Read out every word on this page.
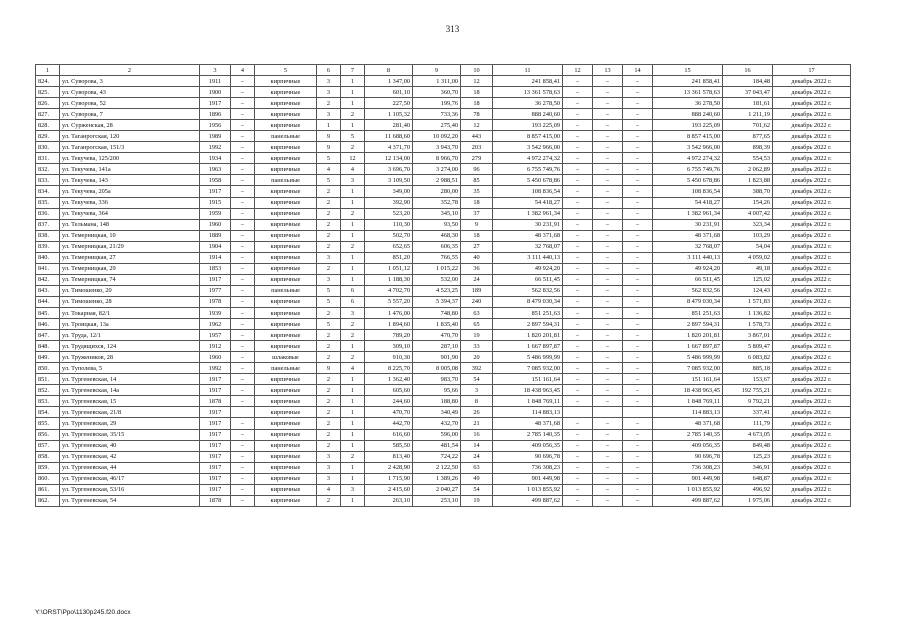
313
1	2	3	4	5	6	7	8	9	10	11	12	13	14	15	16	17
824.	ул. Суворова, 3	1911	–	кирпичные	3	1	1 347,00	1 311,00	12	241 858,41	–	–	–	241 858,41	184,48	декабрь 2022 г.
825.	ул. Суворова, 43	1900	–	кирпичные	3	1	601,10	360,70	18	13 361 578,63	–	–	–	13 361 578,63	37 043,47	декабрь 2022 г.
826.	ул. Суворова, 52	1917	–	кирпичные	2	1	227,50	199,76	18	36 278,50	–	–	–	36 278,50	181,61	декабрь 2022 г.
827.	ул. Суворова, 7	1896	–	кирпичные	3	2	1 105,32	733,36	78	888 240,60	–	–	–	888 240,60	1 211,19	декабрь 2022 г.
828.	ул. Сурженская, 28	1956	–	кирпичные	1	1	281,40	275,40	12	193 225,09	–	–	–	193 225,09	701,62	декабрь 2022 г.
829.	ул. Таганрогская, 120	1989	–	панельные	9	5	11 688,60	10 092,20	443	8 857 415,00	–	–	–	8 857 415,00	877,65	декабрь 2022 г.
830.	ул. Таганрогская, 151/3	1992	–	кирпичные	9	2	4 371,70	3 943,70	203	3 542 966,00	–	–	–	3 542 966,00	898,39	декабрь 2022 г.
831.	ул. Текучева, 125/200	1934	–	кирпичные	5	12	12 134,00	8 966,70	279	4 972 274,32	–	–	–	4 972 274,32	554,53	декабрь 2022 г.
832.	ул. Текучева, 141а	1963	–	кирпичные	4	4	3 696,70	3 274,00	96	6 755 749,76	–	–	–	6 755 749,76	2 062,89	декабрь 2022 г.
833.	ул. Текучева, 143	1958	–	панельные	5	3	3 109,50	2 988,51	85	5 450 678,86	–	–	–	5 450 678,86	1 823,88	декабрь 2022 г.
834.	ул. Текучева, 205а	1917	–	кирпичные	2	1	349,00	280,00	35	108 836,54	–	–	–	108 836,54	388,70	декабрь 2022 г.
835.	ул. Текучева, 336	1915	–	кирпичные	2	1	392,90	352,78	18	54 418,27	–	–	–	54 418,27	154,26	декабрь 2022 г.
836.	ул. Текучева, 364	1959	–	кирпичные	2	2	523,20	345,10	37	1 382 961,34	–	–	–	1 382 961,34	4 007,42	декабрь 2022 г.
837.	ул. Тельмана, 148	1960	–	кирпичные	2	1	110,30	93,50	9	30 231,91	–	–	–	30 231,91	323,34	декабрь 2022 г.
838.	ул. Темерницкая, 10	1889	–	кирпичные	2	1	502,70	468,30	18	48 371,68	–	–	–	48 371,68	103,29	декабрь 2022 г.
839.	ул. Темерницкая, 21/29	1904	–	кирпичные	2	2	652,65	606,35	27	32 768,07	–	–	–	32 768,07	54,04	декабрь 2022 г.
840.	ул. Темерницкая, 27	1914	–	кирпичные	3	1	851,20	766,55	40	3 111 440,13	–	–	–	3 111 440,13	4 059,02	декабрь 2022 г.
841.	ул. Темерницкая, 29	1853	–	кирпичные	2	1	1 051,12	1 015,22	36	49 924,20	–	–	–	49 924,20	49,18	декабрь 2022 г.
842.	ул. Темерницкая, 74	1917	–	кирпичные	3	1	1 188,30	532,00	24	66 511,45	–	–	–	66 511,45	125,02	декабрь 2022 г.
843.	ул. Тимошенко, 20	1977	–	панельные	5	6	4 702,70	4 523,25	189	562 832,56	–	–	–	562 832,56	124,43	декабрь 2022 г.
844.	ул. Тимошенко, 28	1978	–	кирпичные	5	6	5 557,20	5 394,37	240	8 479 030,34	–	–	–	8 479 030,34	1 571,83	декабрь 2022 г.
845.	ул. Токарная, 82/1	1939	–	кирпичные	2	3	1 476,00	748,80	63	851 251,63	–	–	–	851 251,63	1 136,82	декабрь 2022 г.
846.	ул. Троицкая, 13а	1962	–	кирпичные	5	2	1 894,60	1 835,40	65	2 897 594,31	–	–	–	2 897 594,31	1 578,73	декабрь 2022 г.
847.	ул. Труда, 12/1	1957	–	кирпичные	2	2	789,20	470,70	19	1 820 201,81	–	–	–	1 820 201,81	3 867,01	декабрь 2022 г.
848.	ул. Трудящихся, 124	1912	–	кирпичные	2	1	309,10	287,10	33	1 667 897,87	–	–	–	1 667 897,87	5 809,47	декабрь 2022 г.
849.	ул. Тружеников, 28	1960	–	шлаковые	2	2	910,30	901,90	20	5 486 999,99	–	–	–	5 486 999,99	6 083,82	декабрь 2022 г.
850.	ул. Туполева, 5	1992	–	панельные	9	4	8 225,70	8 005,08	392	7 085 932,00	–	–	–	7 085 932,00	885,18	декабрь 2022 г.
851.	ул. Тургеневская, 14	1917	–	кирпичные	2	1	1 362,40	983,70	54	151 161,64	–	–	–	151 161,64	153,67	декабрь 2022 г.
852.	ул. Тургеневская, 14а	1917	–	кирпичные	2	1	605,60	95,66	3	18 438 963,45	–	–	–	18 438 963,45	192 755,21	декабрь 2022 г.
853.	ул. Тургеневская, 15	1878	–	кирпичные	2	1	244,60	188,80	8	1 848 769,11	–	–	–	1 848 769,11	9 792,21	декабрь 2022 г.
854.	ул. Тургеневская, 21/8	1917		кирпичные	2	1	470,70	340,49	26	114 883,13				114 883,13	337,41	декабрь 2022 г.
855.	ул. Тургеневская, 29	1917	–	кирпичные	2	1	442,70	432,70	21	48 371,68	–	–	–	48 371,68	111,79	декабрь 2022 г.
856.	ул. Тургеневская, 35/15	1917	–	кирпичные	2	1	616,60	596,00	16	2 785 140,35	–	–	–	2 785 140,35	4 673,05	декабрь 2022 г.
857.	ул. Тургеневская, 40	1917	–	кирпичные	2	1	585,50	481,54	14	409 056,35	–	–	–	409 056,35	849,48	декабрь 2022 г.
858.	ул. Тургеневская, 42	1917	–	кирпичные	3	2	813,40	724,22	24	90 696,78	–	–	–	90 696,78	125,23	декабрь 2022 г.
859.	ул. Тургеневская, 44	1917	–	кирпичные	3	1	2 428,90	2 122,50	63	736 308,23	–	–	–	736 308,23	346,91	декабрь 2022 г.
860.	ул. Тургеневская, 46/17	1917	–	кирпичные	3	1	1 715,90	1 389,26	49	901 449,98	–	–	–	901 449,98	648,87	декабрь 2022 г.
861.	ул. Тургеневская, 53/16	1917	–	кирпичные	4	3	2 415,60	2 040,27	54	1 013 855,92	–	–	–	1 013 855,92	496,92	декабрь 2022 г.
862.	ул. Тургеневская, 54	1878	–	кирпичные	2	1	263,10	253,10	19	499 887,62	–	–	–	499 887,62	1 975,06	декабрь 2022 г.
Y:\ORST\Ppo\1130p245.f20.docx
